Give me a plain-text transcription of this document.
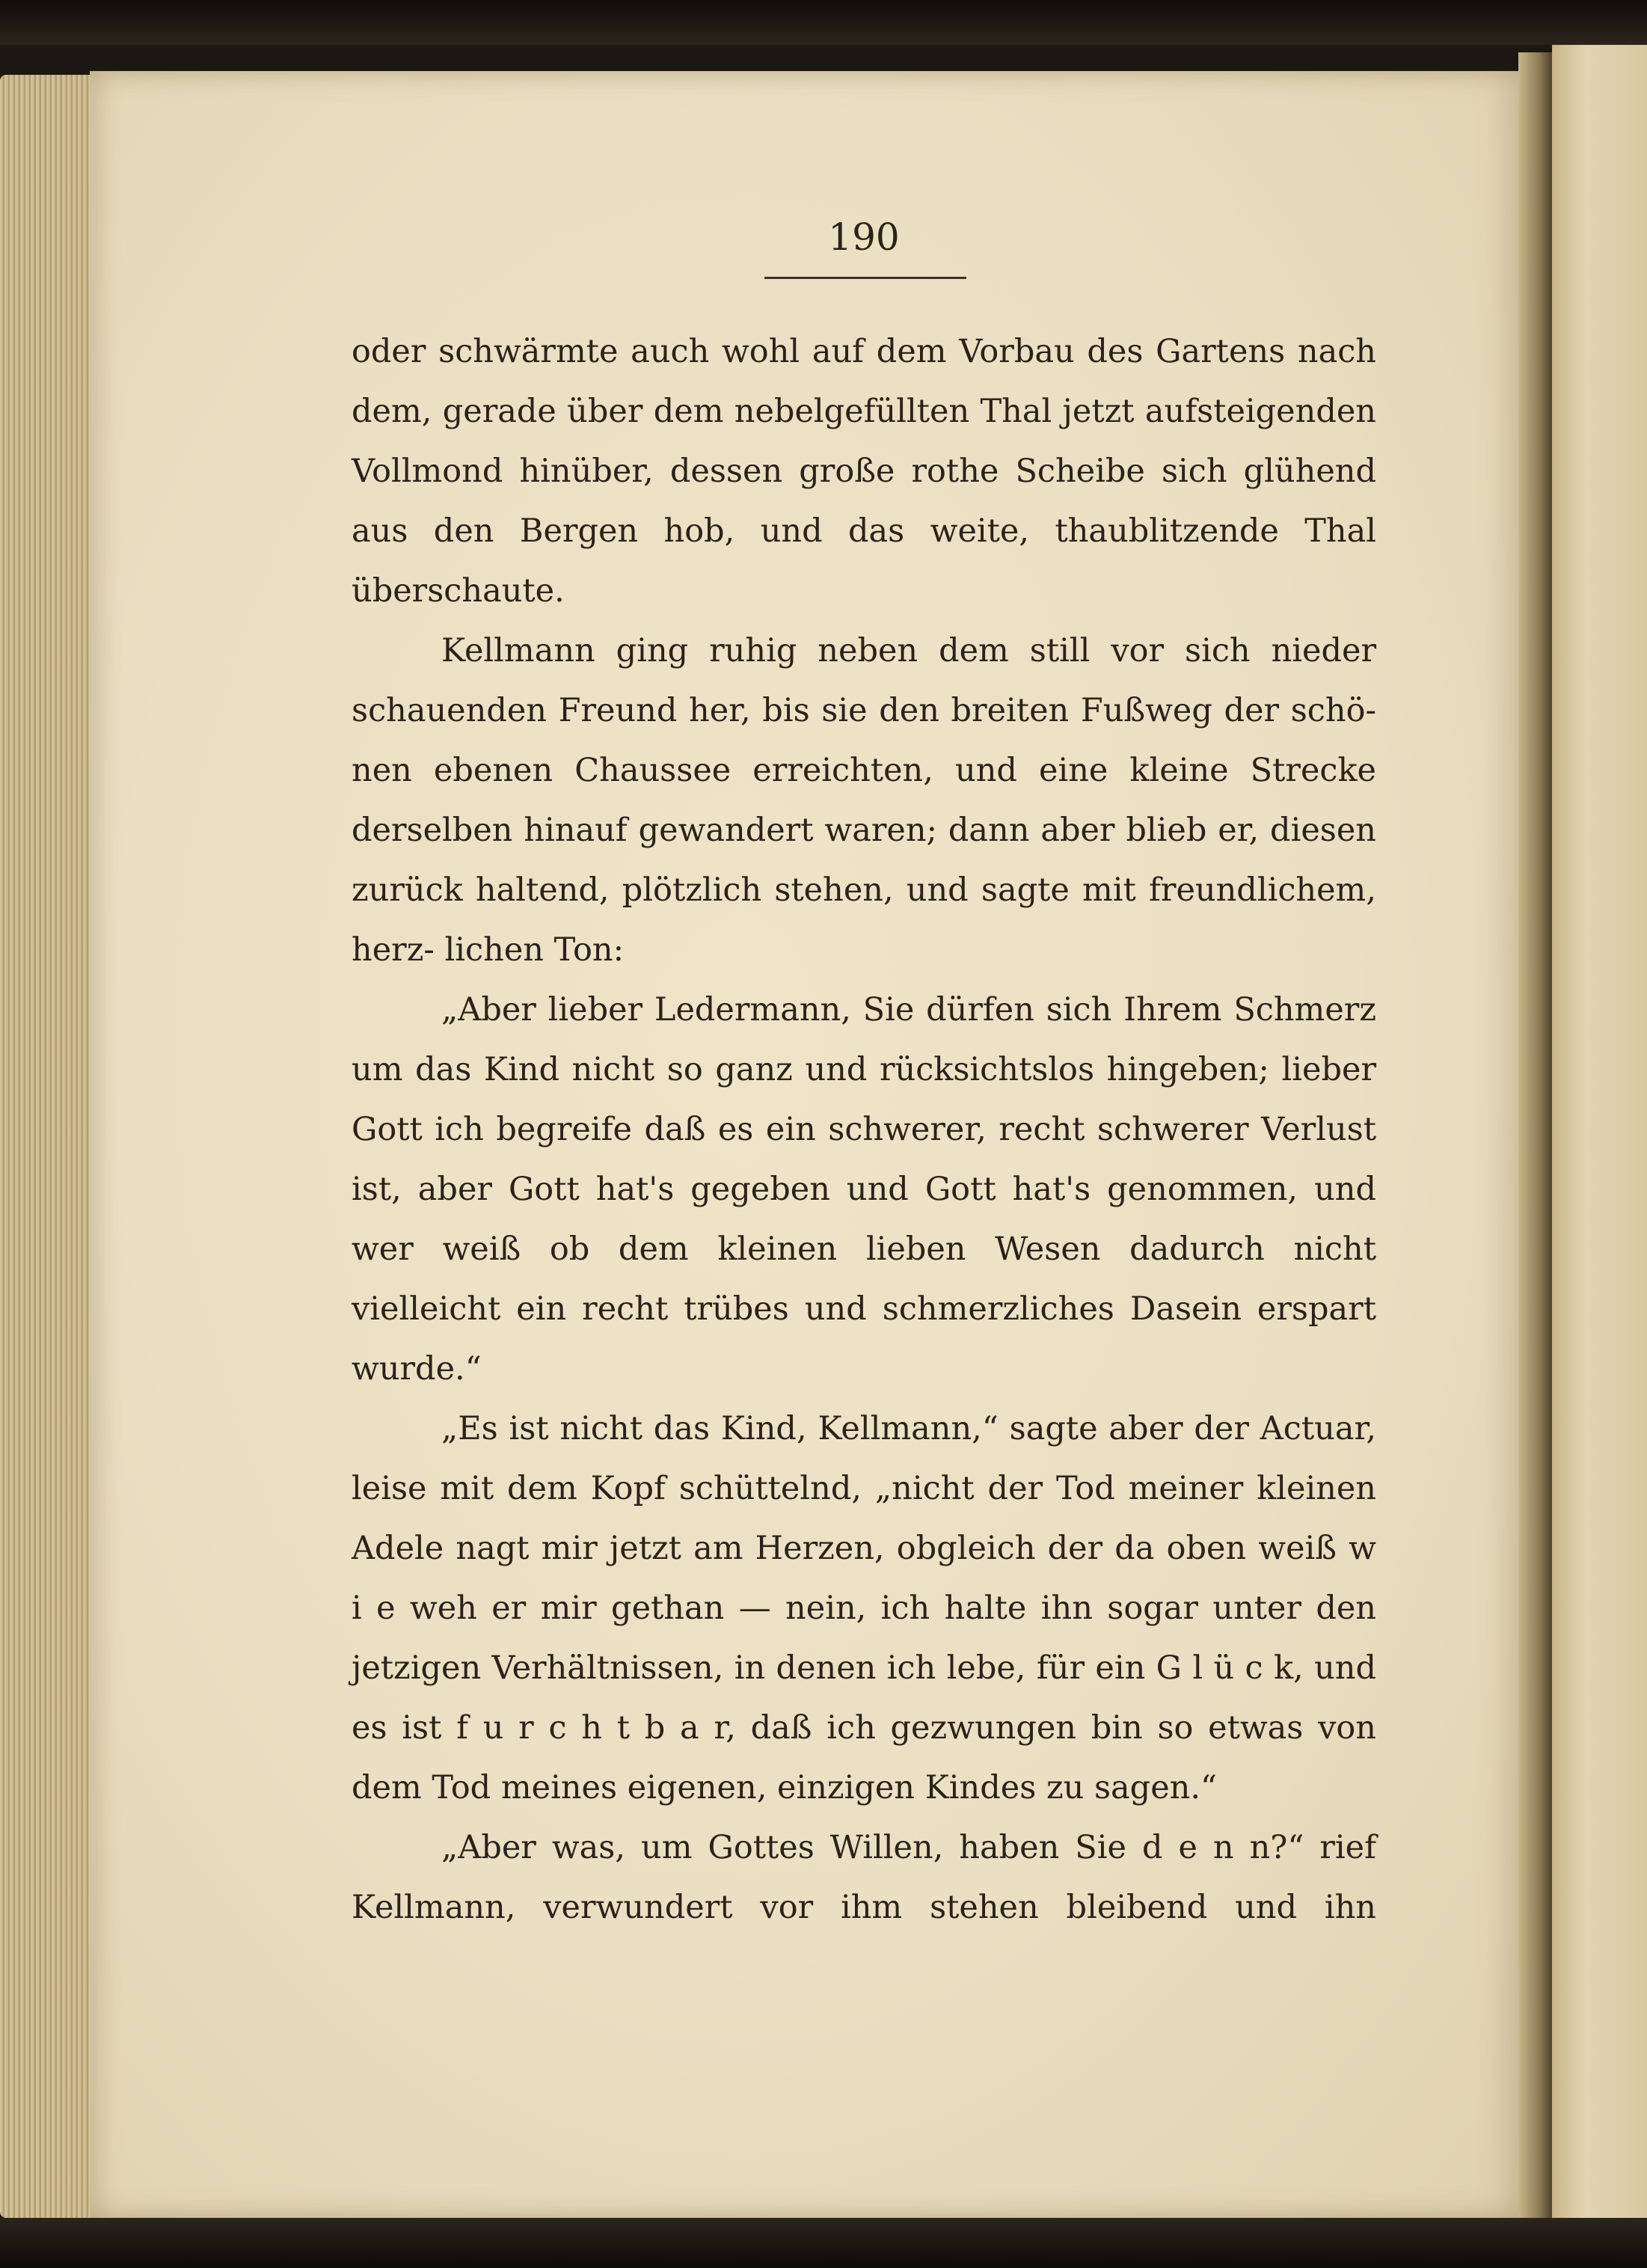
190

oder schwärmte auch wohl auf dem Vorbau des Gartens nach dem, gerade über dem nebelgefüllten Thal jetzt aufsteigenden Vollmond hinüber, dessen große rothe Scheibe sich glühend aus den Bergen hob, und das weite, thaublitzende Thal überschaute.

Kellmann ging ruhig neben dem still vor sich nieder schauenden Freund her, bis sie den breiten Fußweg der schö- nen ebenen Chaussee erreichten, und eine kleine Strecke derselben hinauf gewandert waren; dann aber blieb er, diesen zurück haltend, plötzlich stehen, und sagte mit freundlichem, herz- lichen Ton:

„Aber lieber Ledermann, Sie dürfen sich Ihrem Schmerz um das Kind nicht so ganz und rücksichtslos hingeben; lieber Gott ich begreife daß es ein schwerer, recht schwerer Verlust ist, aber Gott hat's gegeben und Gott hat's genommen, und wer weiß ob dem kleinen lieben Wesen dadurch nicht vielleicht ein recht trübes und schmerzliches Dasein erspart wurde.“

„Es ist nicht das Kind, Kellmann,“ sagte aber der Actuar, leise mit dem Kopf schüttelnd, „nicht der Tod meiner kleinen Adele nagt mir jetzt am Herzen, obgleich der da oben weiß w i e weh er mir gethan — nein, ich halte ihn sogar unter den jetzigen Verhältnissen, in denen ich lebe, für ein G l ü c k, und es ist f u r c h t b a r, daß ich gezwungen bin so etwas von dem Tod meines eigenen, einzigen Kindes zu sagen.“

„Aber was, um Gottes Willen, haben Sie d e n n?“ rief Kellmann, verwundert vor ihm stehen bleibend und ihn
